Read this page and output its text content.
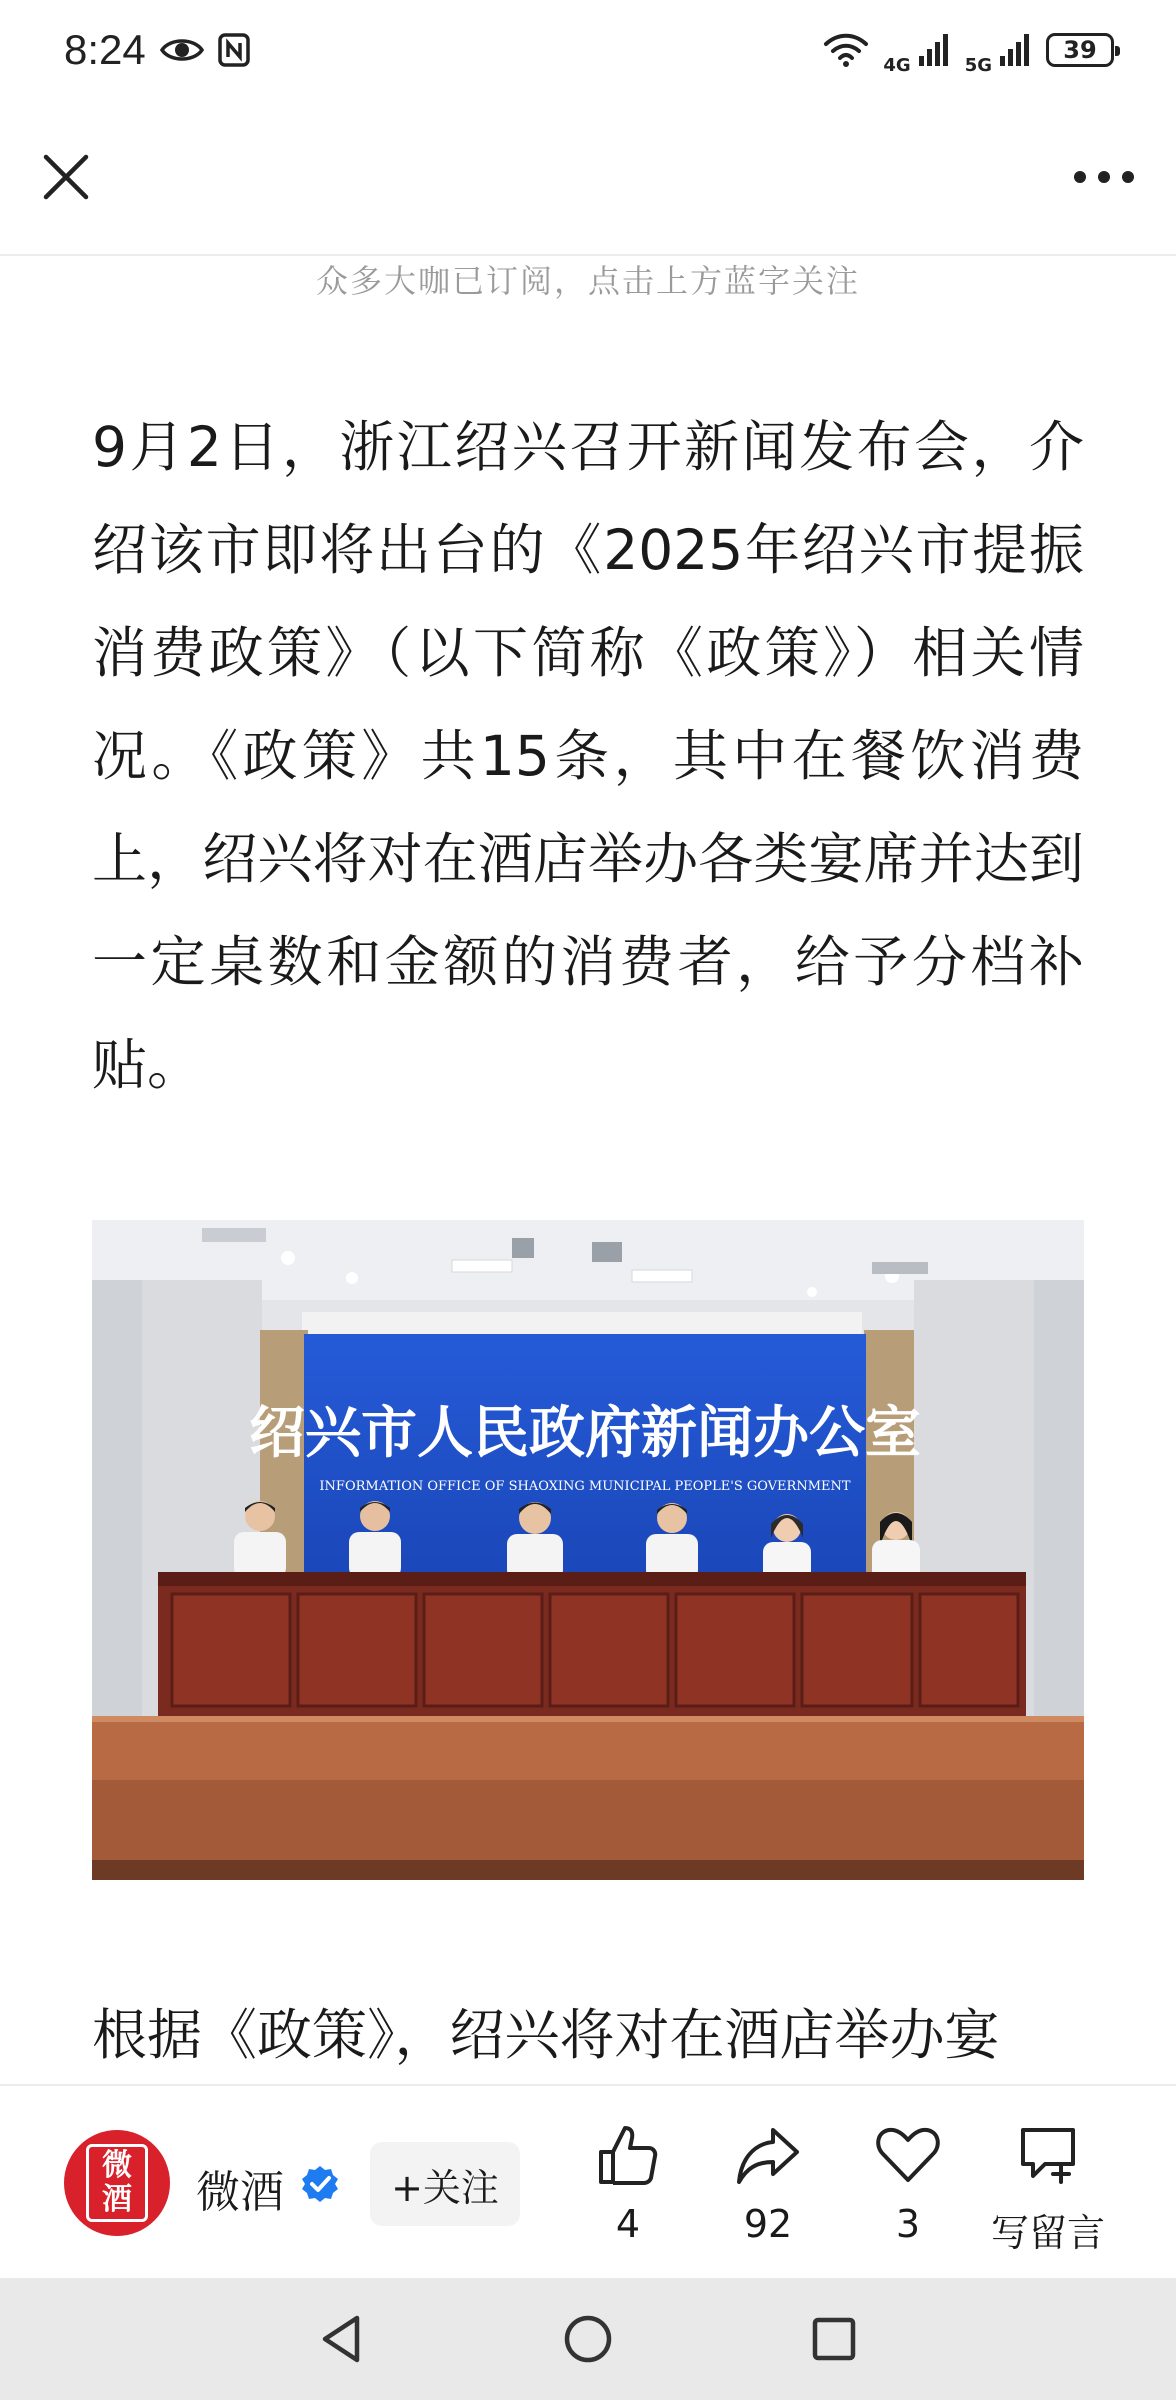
8:24	4G	5G
39
众多大咖已订阅，点击上方蓝字关注

9月2日，浙江绍兴召开新闻发布会，介绍该市即将出台的《2025年绍兴市提振消费政策》（以下简称《政策》）相关情况。《政策》共15条，其中在餐饮消费上，绍兴将对在酒店举办各类宴席并达到一定桌数和金额的消费者，给予分档补贴。

绍兴市人民政府新闻办公室
INFORMATION OFFICE OF SHAOXING MUNICIPAL PEOPLE'S GOVERNMENT

根据《政策》，绍兴将对在酒店举办宴

微
酒 微酒	+关注
4	92	3 写留言
